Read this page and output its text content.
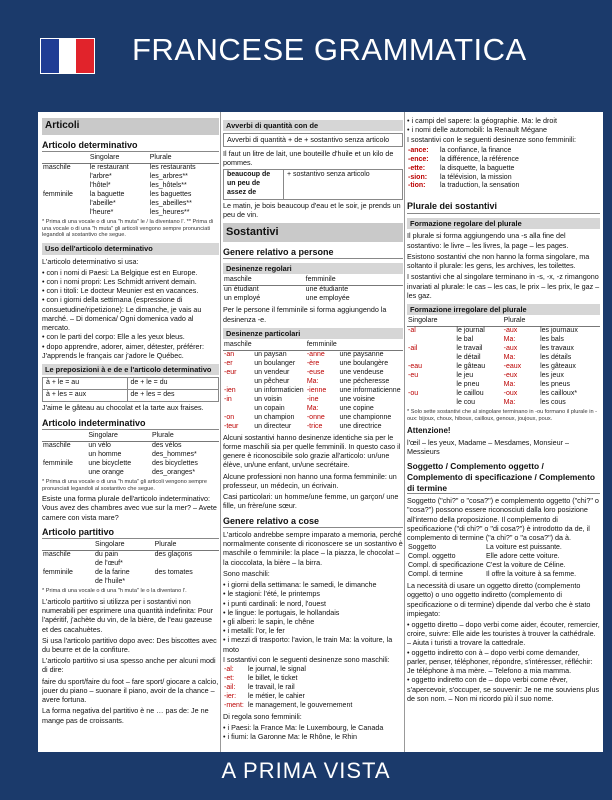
FRANCESE GRAMMATICA
Articoli
Articolo determinativo
	Singolare	Plurale
maschile	le restaurant	les restaurants
	l'arbre*	les_arbres**
	l'hôtel*	les_hôtels**
femminile	la baguette	les baguettes
	l'abeille*	les_abeilles**
	l'heure*	les_heures**
* Prima di una vocale o di una "h muta" le / la diventano l'. ** Prima di una vocale o di una "h muta" gli articoli vengono sempre pronunciati legandoli al sostantivo che segue.
Uso dell'articolo determinativo
L'articolo determinativo si usa:
• con i nomi di Paesi: La Belgique est en Europe.
• con i nomi propri: Les Schmidt arrivent demain.
• con i titoli: Le docteur Meunier est en vacances.
• con i giorni della settimana (espressione di consuetudine/ripetizione): Le dimanche, je vais au marché. – Di domenica/ Ogni domenica vado al mercato.
• con le parti del corpo: Elle a les yeux bleus.
• dopo apprendre, adorer, aimer, détester, préférer: J'apprends le français car j'adore le Québec.
Le preposizioni à e de e l'articolo determinativo
à + le = au	de + le = du
à + les = aux	de + les = des
J'aime le gâteau au chocolat et la tarte aux fraises.
Articolo indeterminativo
	Singolare	Plurale
maschile	un vélo	des vélos
	un homme	des_hommes*
femminile	une bicyclette	des bicyclettes
	une orange	des_oranges*
* Prima di una vocale o di una "h muta" gli articoli vengono sempre pronunciati legandoli al sostantivo che segue.
Esiste una forma plurale dell'articolo indeterminativo: Vous avez des chambres avec vue sur la mer? – Avete camere con vista mare?
Articolo partitivo
	Singolare	Plurale
maschile	du pain	des glaçons
	de l'œuf*	
femminile	de la farine	des tomates
	de l'huile*	
* Prima di una vocale o di una "h muta" le o la diventano l'.
L'articolo partitivo si utilizza per i sostantivi non numerabili per esprimere una quantità indefinita: Pour l'apéritif, j'achète du vin, de la bière, de l'eau gazeuse et des cacahuètes.
Si usa l'articolo partitivo dopo avec: Des biscottes avec du beurre et de la confiture.
L'articolo partitivo si usa spesso anche per alcuni modi di dire:
faire du sport/faire du foot – fare sport/ giocare a calcio, jouer du piano – suonare il piano, avoir de la chance – avere fortuna.
La forma negativa del partitivo è ne … pas de: Je ne mange pas de croissants.
Avverbi di quantità con de
Avverbi di quantità + de + sostantivo senza articolo
Il faut un litre de lait, une bouteille d'huile et un kilo de pommes.
beaucoup de un peu de assez de	+ sostantivo senza articolo
Le matin, je bois beaucoup d'eau et le soir, je prends un peu de vin.
Sostantivi
Genere relativo a persone
Desinenze regolari
maschile	femminile
un étudiant	une étudiante
un employé	une employée
Per le persone il femminile si forma aggiungendo la desinenza -e.
Desinenze particolari
maschile		femminile	
-an	un paysan	-anne	une paysanne
-er	un boulanger	-ère	une boulangère
-eur	un vendeur	-euse	une vendeuse
	un pêcheur	Ma:	une pécheresse
-ien	un informaticien	-ienne	une informaticienne
-in	un voisin	-ine	une voisine
	un copain	Ma:	une copine
-on	un champion	-onne	une championne
-teur	un directeur	-trice	une directrice
Alcuni sostantivi hanno desinenze identiche sia per le forme maschili sia per quelle femminili. In questo caso il genere è riconoscibile solo grazie all'articolo: un/une élève, un/une enfant, un/une secrétaire.
Alcune professioni non hanno una forma femminile: un professeur, un médecin, un écrivain.
Casi particolari: un homme/une femme, un garçon/ une fille, un frère/une sœur.
Genere relativo a cose
L'articolo andrebbe sempre imparato a memoria, perché normalmente consente di riconoscere se un sostantivo è maschile o femminile: la place – la piazza, le chocolat – la cioccolata, la bière – la birra.
Sono maschili:
• i giorni della settimana: le samedi, le dimanche
• le stagioni: l'été, le printemps
• i punti cardinali: le nord, l'ouest
• le lingue: le portugais, le hollandais
• gli alberi: le sapin, le chêne
• i metalli: l'or, le fer
• i mezzi di trasporto: l'avion, le train Ma: la voiture, la moto
I sostantivi con le seguenti desinenze sono maschili:
-al:	le journal, le signal
-et:	le billet, le ticket
-ail:	le travail, le rail
-ier:	le métier, le cahier
-ment:	le management, le gouvernement
Di regola sono femminili:
• i Paesi: la France Ma: le Luxembourg, le Canada
• i fiumi: la Garonne Ma: le Rhône, le Rhin
• i campi del sapere: la géographie. Ma: le droit
• i nomi delle automobili: la Renault Mégane
I sostantivi con le seguenti desinenze sono femminili:
-ance:	la confiance, la finance
-ence:	la différence, la référence
-ette:	la disquette, la baguette
-sion:	la télévision, la mission
-tion:	la traduction, la sensation
Plurale dei sostantivi
Formazione regolare del plurale
Il plurale si forma aggiungendo una -s alla fine del sostantivo: le livre – les livres, la page – les pages.
Esistono sostantivi che non hanno la forma singolare, ma soltanto il plurale: les gens, les archives, les toilettes.
I sostantivi che al singolare terminano in -s, -x, -z rimangono invariati al plurale: le cas – les cas, le prix – les prix, le gaz – les gaz.
Formazione irregolare del plurale
Singolare		Plurale	
-al	le journal	-aux	les journaux
	le bal	Ma:	les bals
-ail	le travail	-aux	les travaux
	le détail	Ma:	les détails
-eau	le gâteau	-eaux	les gâteaux
-eu	le jeu	-eux	les jeux
	le pneu	Ma:	les pneus
-ou	le caillou	-oux	les cailloux*
	le cou	Ma:	les cous
* Solo sette sostantivi che al singolare terminano in -ou formano il plurale in -oux: bijoux, choux, hiboux, cailloux, genoux, joujoux, poux.
Attenzione!
l'œil – les yeux, Madame – Mesdames, Monsieur – Messieurs
Soggetto / Complemento oggetto / Complemento di specificazione / Complemento di termine
Soggetto ("chi?" o "cosa?") e complemento oggetto ("chi?" o "cosa?") possono essere riconosciuti dalla loro posizione all'interno della proposizione. Il complemento di specificazione ("di chi?" o "di cosa?") è introdotto da de, il complemento di termine ("a chi?" o "a cosa?") da à.
Soggetto	La voiture est puissante.
Compl. oggetto	Elle adore cette voiture.
Compl. di specificazione	C'est la voiture de Céline.
Compl. di termine	Il offre la voiture à sa femme.
La necessità di usare un oggetto diretto (complemento oggetto) o uno oggetto indiretto (complemento di specificazione o di termine) dipende dal verbo che è stato impiegato:
• oggetto diretto – dopo verbi come aider, écouter, remercier, croire, suivre: Elle aide les touristes à trouver la cathédrale. – Aiuta i turisti a trovare la cattedrale.
• oggetto indiretto con à – dopo verbi come demander, parler, penser, téléphoner, répondre, s'intéresser, réfléchir: Je téléphone à ma mère. – Telefono a mia mamma.
• oggetto indiretto con de – dopo verbi come rêver, s'apercevoir, s'occuper, se souvenir: Je ne me souviens plus de son nom. – Non mi ricordo più il suo nome.
A PRIMA VISTA
